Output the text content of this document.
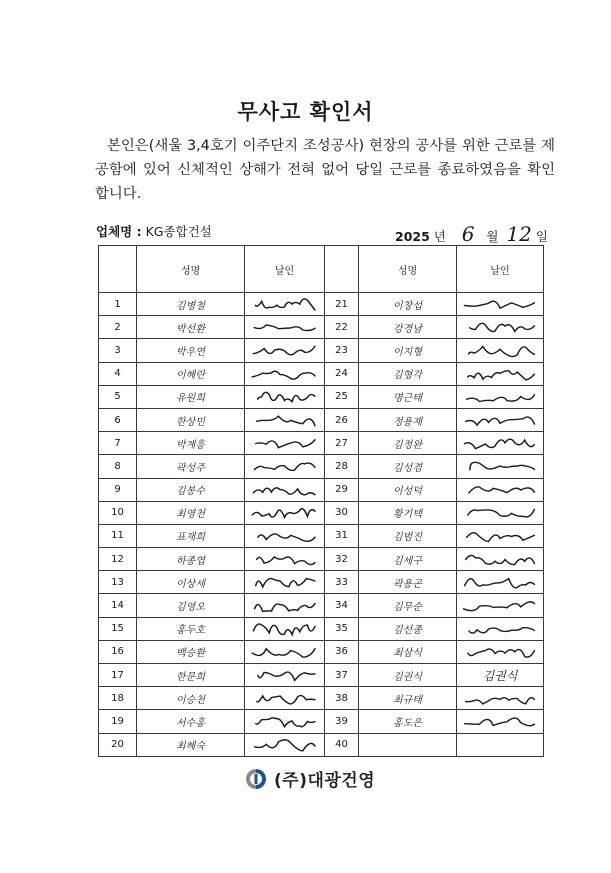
무사고 확인서
본인은(새울 3,4호기 이주단지 조성공사) 현장의 공사를 위한 근로를 제공함에 있어 신체적인 상해가 전혀 없어 당일 근로를 종료하였음을 확인 합니다.
업체명 : KG종합건설	2025 년 6 월 12 일
	성명	날인		성명	날인
1	김병철		21	이창섭	

2	박선환		22	강경남	

3	박우연		23	이지형	

4	이혜란		24	김형각	

5	유원희		25	명근태	

6	한상민		26	정용재	

7	박계흥		27	김정완	

8	곽성주		28	김성겸	

9	김봉수		29	이성덕	

10	최영천		30	황기택	

11	표재희		31	김범진	

12	하종엽		32	김세구	

13	이상세		33	곽용곤	

14	김영오		34	김무순	

15	홍두호		35	김선종	

16	백승환		36	최삼식	

17	한문희		37	김권식	김권식
18	이승천		38	최규태	

19	서수홍		39	홍도은	

20	최혜숙		40		
(주)대광건영
